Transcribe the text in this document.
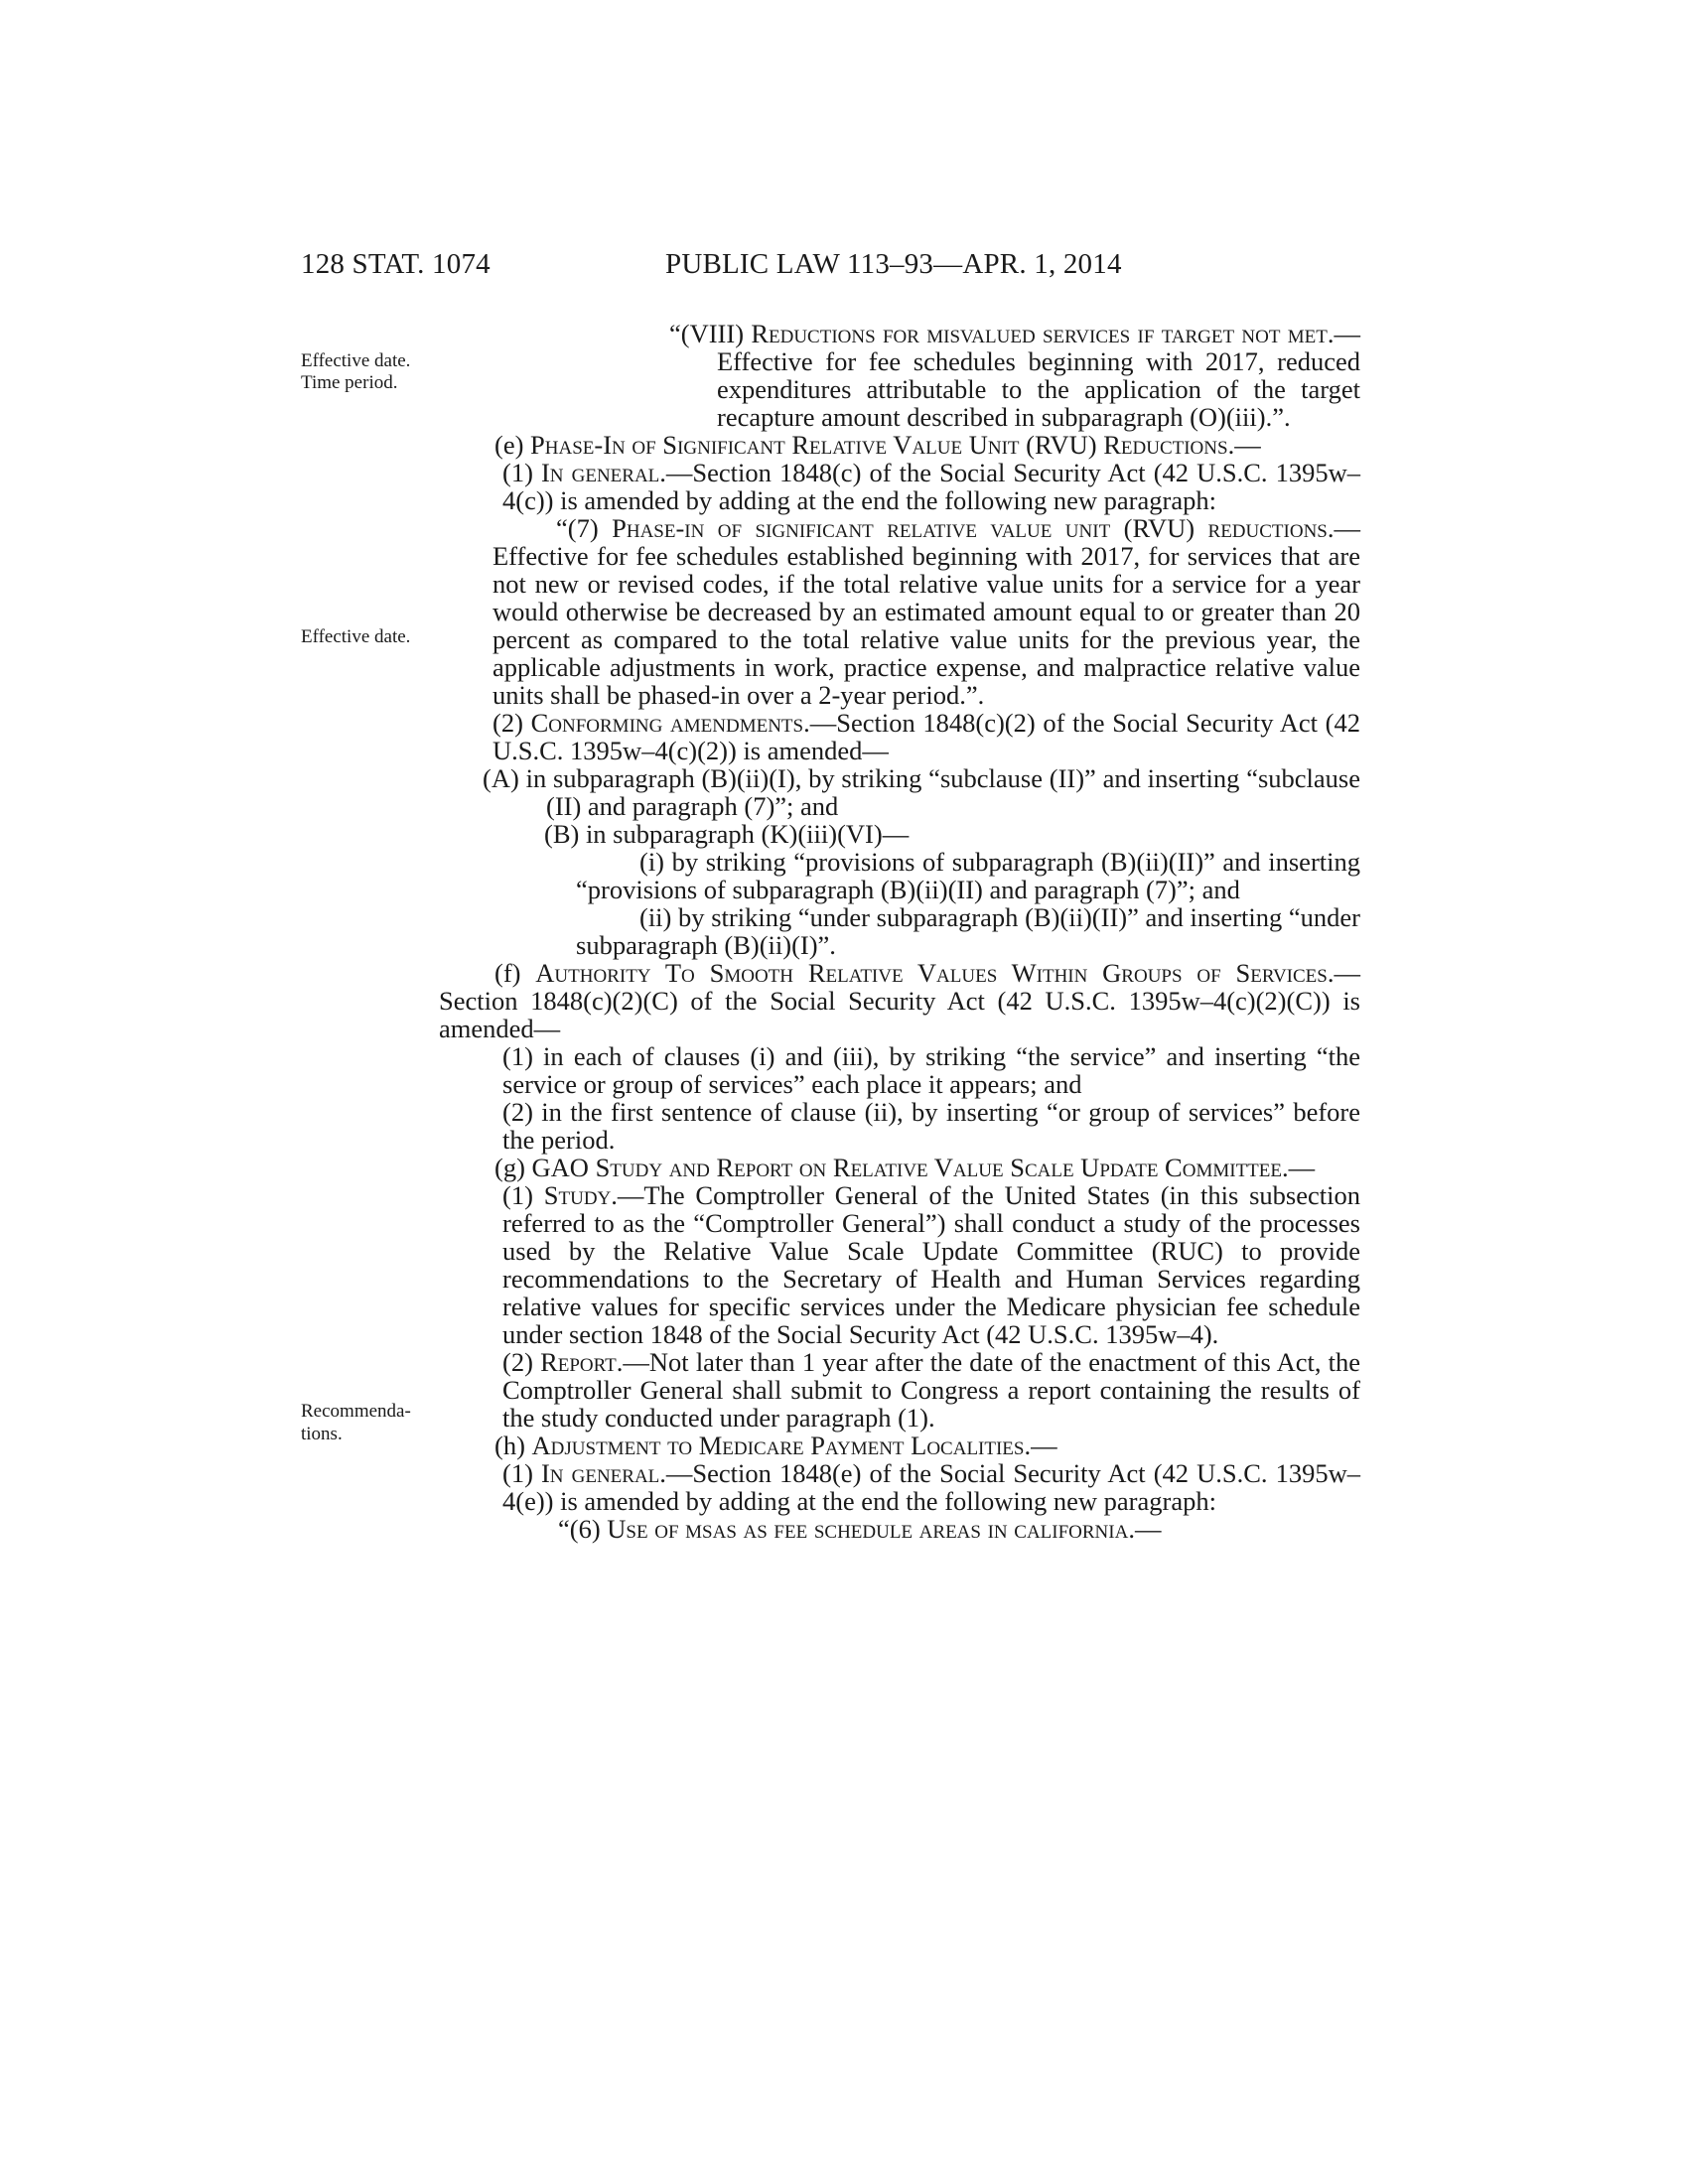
128 STAT. 1074	PUBLIC LAW 113–93—APR. 1, 2014
Effective date.
Time period.
Effective date.
Recommenda-
tions.

“(VIII) Reductions for misvalued services if target not met.—Effective for fee schedules beginning with 2017, reduced expenditures attributable to the application of the target recapture amount described in subparagraph (O)(iii).”.

(e) Phase-In of Significant Relative Value Unit (RVU) Reductions.—

(1) In general.—Section 1848(c) of the Social Security Act (42 U.S.C. 1395w–4(c)) is amended by adding at the end the following new paragraph:

“(7) Phase-in of significant relative value unit (RVU) reductions.—Effective for fee schedules established beginning with 2017, for services that are not new or revised codes, if the total relative value units for a service for a year would otherwise be decreased by an estimated amount equal to or greater than 20 percent as compared to the total relative value units for the previous year, the applicable adjustments in work, practice expense, and malpractice relative value units shall be phased-in over a 2-year period.”.

(2) Conforming amendments.—Section 1848(c)(2) of the Social Security Act (42 U.S.C. 1395w–4(c)(2)) is amended—

(A) in subparagraph (B)(ii)(I), by striking “subclause (II)” and inserting “subclause (II) and paragraph (7)”; and

(B) in subparagraph (K)(iii)(VI)—

(i) by striking “provisions of subparagraph (B)(ii)(II)” and inserting “provisions of subparagraph (B)(ii)(II) and paragraph (7)”; and

(ii) by striking “under subparagraph (B)(ii)(II)” and inserting “under subparagraph (B)(ii)(I)”.

(f) Authority To Smooth Relative Values Within Groups of Services.—Section 1848(c)(2)(C) of the Social Security Act (42 U.S.C. 1395w–4(c)(2)(C)) is amended—

(1) in each of clauses (i) and (iii), by striking “the service” and inserting “the service or group of services” each place it appears; and

(2) in the first sentence of clause (ii), by inserting “or group of services” before the period.

(g) GAO Study and Report on Relative Value Scale Update Committee.—

(1) Study.—The Comptroller General of the United States (in this subsection referred to as the “Comptroller General”) shall conduct a study of the processes used by the Relative Value Scale Update Committee (RUC) to provide recommendations to the Secretary of Health and Human Services regarding relative values for specific services under the Medicare physician fee schedule under section 1848 of the Social Security Act (42 U.S.C. 1395w–4).

(2) Report.—Not later than 1 year after the date of the enactment of this Act, the Comptroller General shall submit to Congress a report containing the results of the study conducted under paragraph (1).

(h) Adjustment to Medicare Payment Localities.—

(1) In general.—Section 1848(e) of the Social Security Act (42 U.S.C. 1395w–4(e)) is amended by adding at the end the following new paragraph:

“(6) Use of msas as fee schedule areas in california.—
